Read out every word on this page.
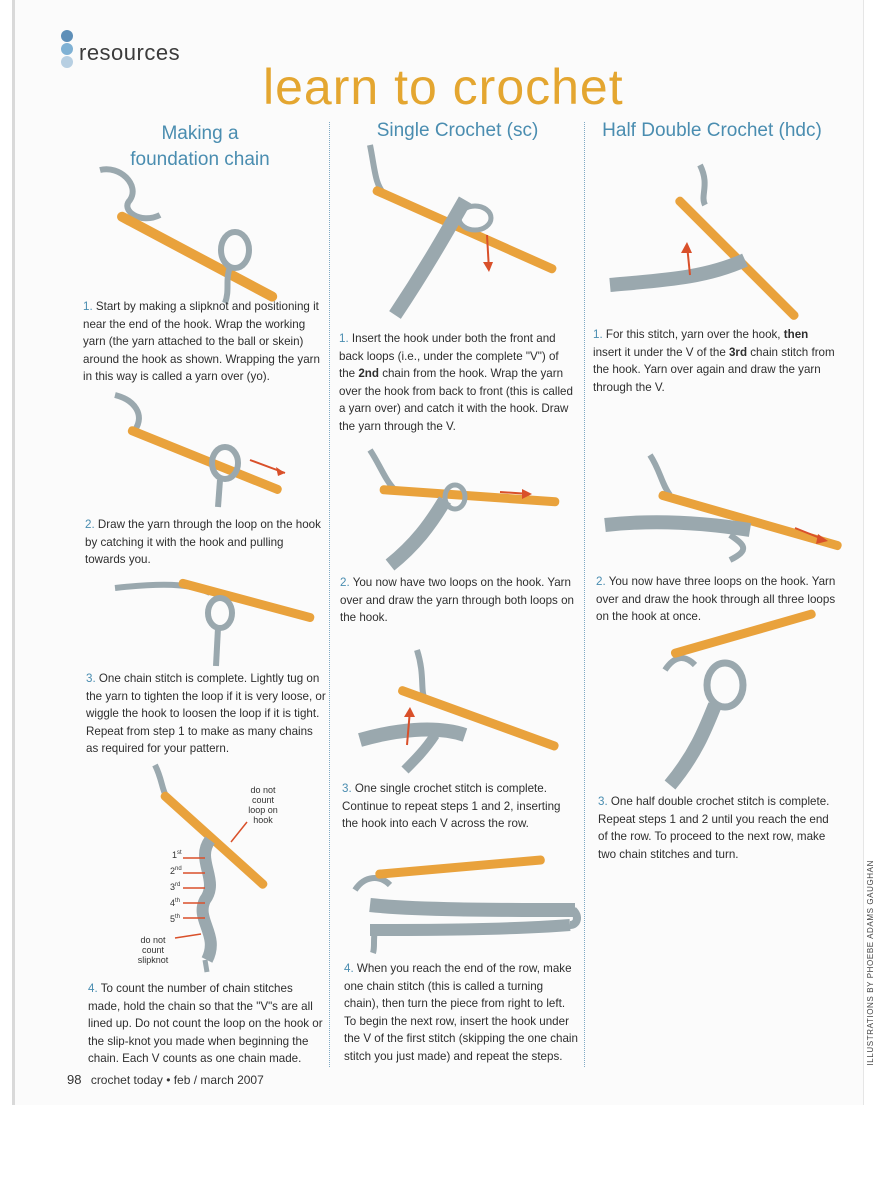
resources
learn to crochet
Making a
foundation chain
Single Crochet (sc)	Half Double Crochet (hdc)
1. Start by making a slipknot and positioning it near the end of the hook. Wrap the working yarn (the yarn attached to the ball or skein) around the hook as shown. Wrapping the yarn in this way is called a yarn over (yo).
2. Draw the yarn through the loop on the hook by catching it with the hook and pulling towards you.
3. One chain stitch is complete. Lightly tug on the yarn to tighten the loop if it is very loose, or wiggle the hook to loosen the loop if it is tight. Repeat from step 1 to make as many chains as required for your pattern.
do not
count
loop on
hook
1st
2nd
3rd
4th
5th
do not
count
slipknot
4. To count the number of chain stitches made, hold the chain so that the "V"s are all lined up. Do not count the loop on the hook or the slip-knot you made when beginning the chain. Each V counts as one chain made.
1. Insert the hook under both the front and back loops (i.e., under the complete "V") of the 2nd chain from the hook. Wrap the yarn over the hook from back to front (this is called a yarn over) and catch it with the hook. Draw the yarn through the V.
2. You now have two loops on the hook. Yarn over and draw the yarn through both loops on the hook.
3. One single crochet stitch is complete. Continue to repeat steps 1 and 2, inserting the hook into each V across the row.
4. When you reach the end of the row, make one chain stitch (this is called a turning chain), then turn the piece from right to left. To begin the next row, insert the hook under the V of the first stitch (skipping the one chain stitch you just made) and repeat the steps.
1. For this stitch, yarn over the hook, then insert it under the V of the 3rd chain stitch from the hook. Yarn over again and draw the yarn through the V.
2. You now have three loops on the hook. Yarn over and draw the hook through all three loops on the hook at once.
3. One half double crochet stitch is complete. Repeat steps 1 and 2 until you reach the end of the row. To proceed to the next row, make two chain stitches and turn.
98 crochet today • feb / march 2007
ILLUSTRATIONS BY PHOEBE ADAMS GAUGHAN
